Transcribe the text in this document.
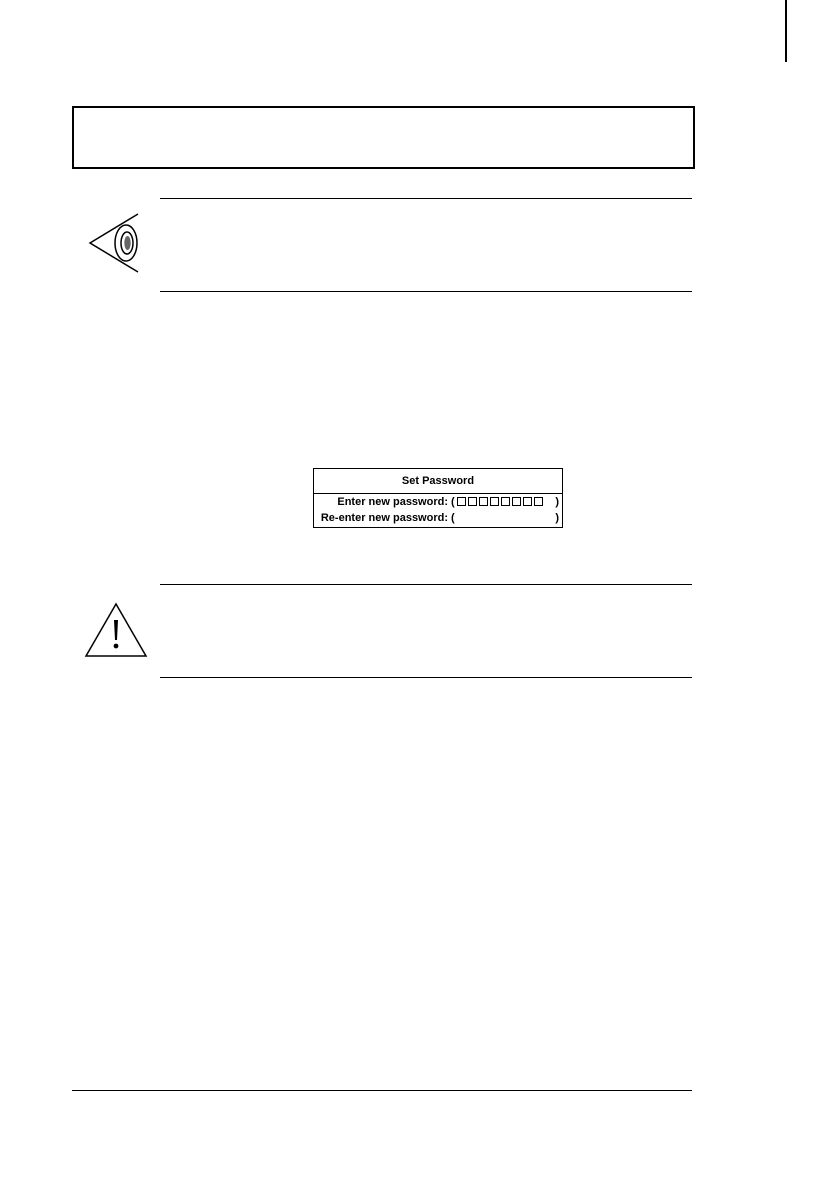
Set Password
Enter new password: (	)
Re-enter new password: (	)
